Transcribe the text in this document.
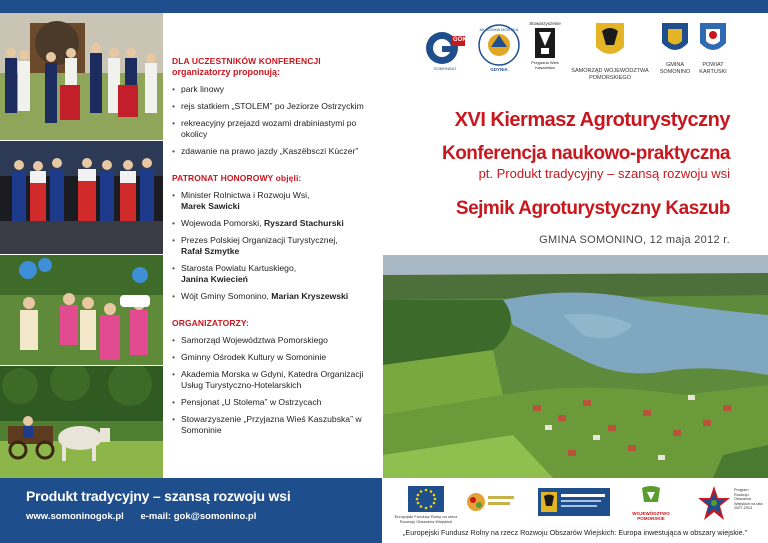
DLA UCZESTNIKÓW KONFERENCJI
organizatorzy proponują:
• park linowy
• rejs statkiem „STOLEM” po Jeziorze Ostrzyckim
• rekreacyjny przejazd wozami drabiniastymi po okolicy
• zdawanie na prawo jazdy „Kaszëbsczi Kùczer”
PATRONAT HONOROWY objęli:
• Minister Rolnictwa i Rozwoju Wsi,
Marek Sawicki
• Wojewoda Pomorski, Ryszard Stachurski
• Prezes Polskiej Organizacji Turystycznej,
Rafał Szmytke
• Starosta Powiatu Kartuskiego,
Janina Kwiecień
• Wójt Gminy Somonino, Marian Kryszewski
ORGANIZATORZY:
• Samorząd Województwa Pomorskiego
• Gminny Ośrodek Kultury w Somoninie
• Akademia Morska w Gdyni, Katedra Organizacji Usług Turystyczno-Hotelarskich
• Pensjonat „U Stolema” w Ostrzycach
• Stowarzyszenie „Przyjazna Wieś Kaszubska” w Somoninie
GOK
SOMONINO
AKADEMIA MORSKA
GDYNIA
Stowarzyszenie
Przyjazna Wieś Kaszubska
SAMORZĄD WOJEWÓDZTWA POMORSKIEGO
GMINA SOMONINO
POWIAT KARTUSKI
XVI Kiermasz Agroturystyczny
Konferencja naukowo-praktyczna
pt. Produkt tradycyjny – szansą rozwoju wsi
Sejmik Agroturystyczny Kaszub
GMINA SOMONINO, 12 maja 2012 r.
Produkt tradycyjny – szansą rozwoju wsi
www.somoninogok.pl e-mail: gok@somonino.pl	Europejski Fundusz Rolny na rzecz Rozwoju Obszarów Wiejskich
WOJEWÓDZTWO POMORSKIE
Program Rozwoju Obszarów Wiejskich na lata 2007-2013
„Europejski Fundusz Rolny na rzecz Rozwoju Obszarów Wiejskich: Europa inwestująca w obszary wiejskie.”
